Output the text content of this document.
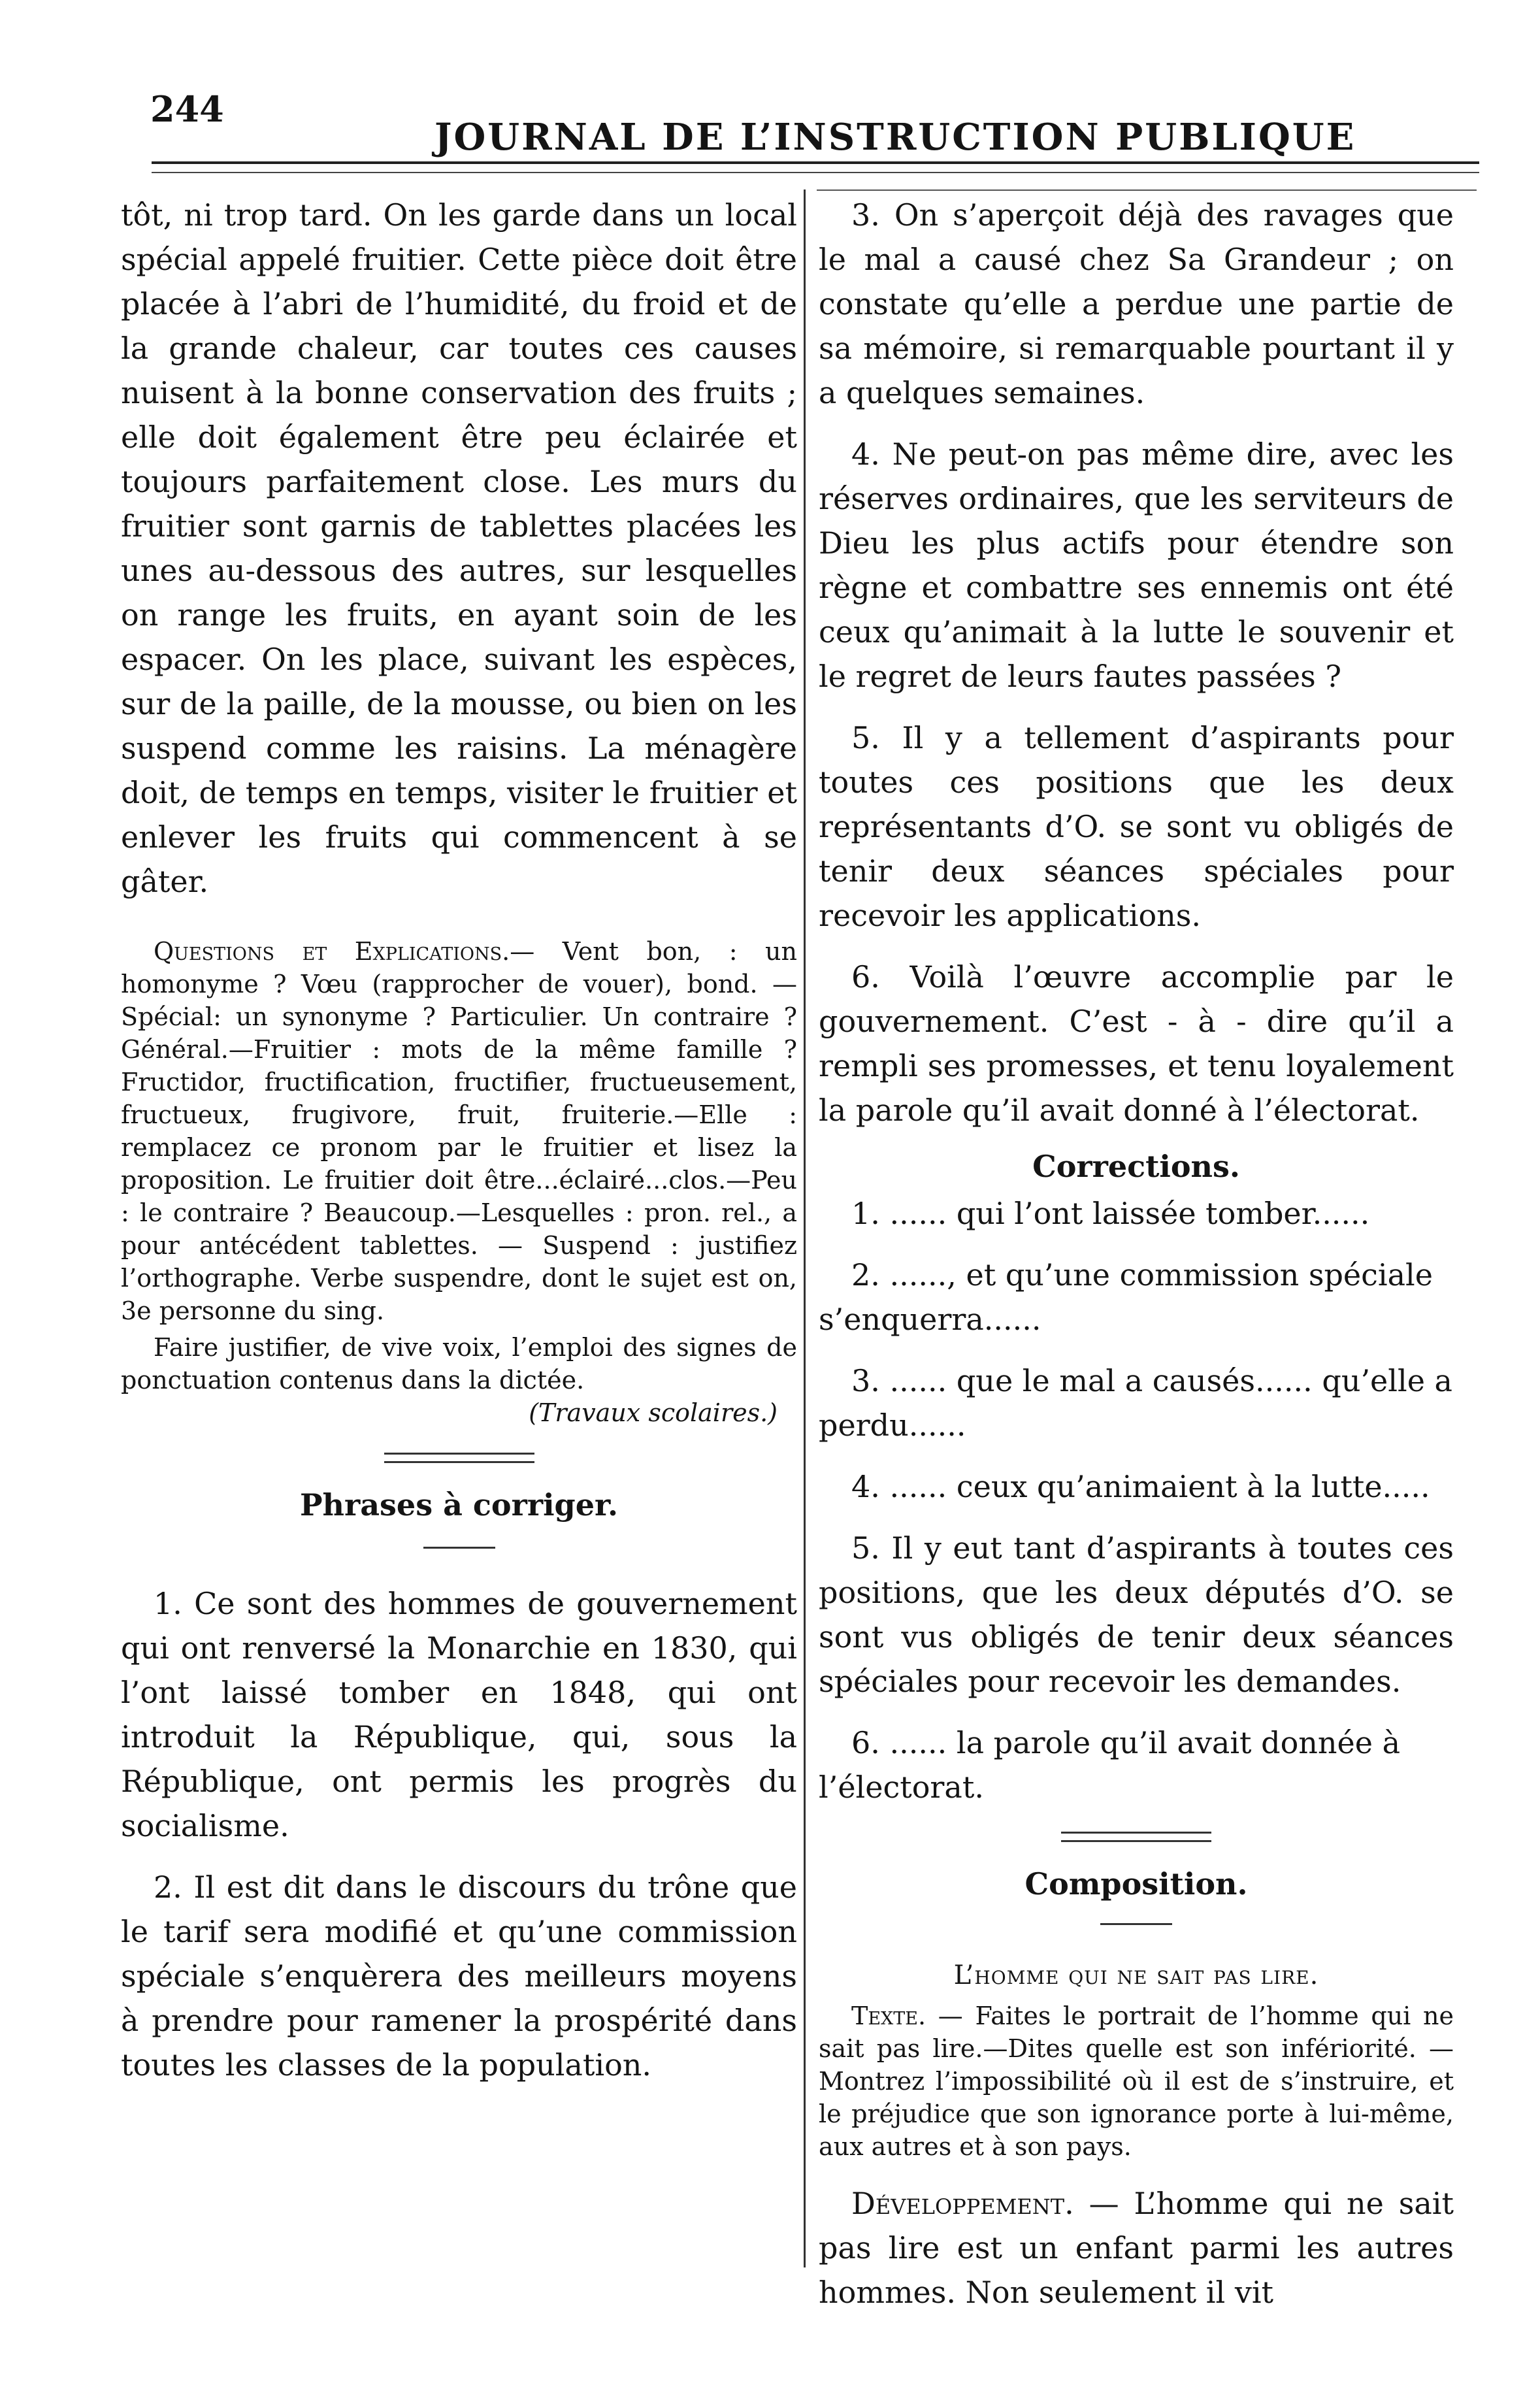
244
JOURNAL DE L’INSTRUCTION PUBLIQUE

tôt, ni trop tard. On les garde dans un local spécial appelé fruitier. Cette pièce doit être placée à l’abri de l’humidité, du froid et de la grande chaleur, car toutes ces causes nuisent à la bonne conservation des fruits ; elle doit également être peu éclairée et toujours parfaitement close. Les murs du fruitier sont garnis de tablettes placées les unes au-dessous des autres, sur lesquelles on range les fruits, en ayant soin de les espacer. On les place, suivant les espèces, sur de la paille, de la mousse, ou bien on les suspend comme les raisins. La ménagère doit, de temps en temps, visiter le fruitier et enlever les fruits qui commencent à se gâter.

Questions et Explications.— Vent bon, : un homonyme ? Vœu (rapprocher de vouer), bond. —Spécial: un synonyme ? Particulier. Un contraire ? Général.—Fruitier : mots de la même famille ? Fructidor, fructification, fructifier, fructueusement, fructueux, frugivore, fruit, fruiterie.—Elle : remplacez ce pronom par le fruitier et lisez la proposition. Le fruitier doit être...éclairé...clos.—Peu : le contraire ? Beaucoup.—Lesquelles : pron. rel., a pour antécédent tablettes. — Suspend : justifiez l’orthographe. Verbe suspendre, dont le sujet est on, 3e personne du sing.

Faire justifier, de vive voix, l’emploi des signes de ponctuation contenus dans la dictée.

(Travaux scolaires.)

Phrases à corriger.

1. Ce sont des hommes de gouvernement qui ont renversé la Monarchie en 1830, qui l’ont laissé tomber en 1848, qui ont introduit la République, qui, sous la République, ont permis les progrès du socialisme.

2. Il est dit dans le discours du trône que le tarif sera modifié et qu’une commission spéciale s’enquèrera des meilleurs moyens à prendre pour ramener la prospérité dans toutes les classes de la population.

3. On s’aperçoit déjà des ravages que le mal a causé chez Sa Grandeur ; on constate qu’elle a perdue une partie de sa mémoire, si remarquable pourtant il y a quelques semaines.

4. Ne peut-on pas même dire, avec les réserves ordinaires, que les serviteurs de Dieu les plus actifs pour étendre son règne et combattre ses ennemis ont été ceux qu’animait à la lutte le souvenir et le regret de leurs fautes passées ?

5. Il y a tellement d’aspirants pour toutes ces positions que les deux représentants d’O. se sont vu obligés de tenir deux séances spéciales pour recevoir les applications.

6. Voilà l’œuvre accomplie par le gouvernement. C’est - à - dire qu’il a rempli ses promesses, et tenu loyalement la parole qu’il avait donné à l’électorat.

Corrections.

1. ...... qui l’ont laissée tomber......

2. ......, et qu’une commission spéciale s’enquerra......

3. ...... que le mal a causés...... qu’elle a perdu......

4. ...... ceux qu’animaient à la lutte.....

5. Il y eut tant d’aspirants à toutes ces positions, que les deux députés d’O. se sont vus obligés de tenir deux séances spéciales pour recevoir les demandes.

6. ...... la parole qu’il avait donnée à l’électorat.

Composition.

L’homme qui ne sait pas lire.

Texte. — Faites le portrait de l’homme qui ne sait pas lire.—Dites quelle est son infériorité. — Montrez l’impossibilité où il est de s’instruire, et le préjudice que son ignorance porte à lui-même, aux autres et à son pays.

Développement. — L’homme qui ne sait pas lire est un enfant parmi les autres hommes. Non seulement il vit
